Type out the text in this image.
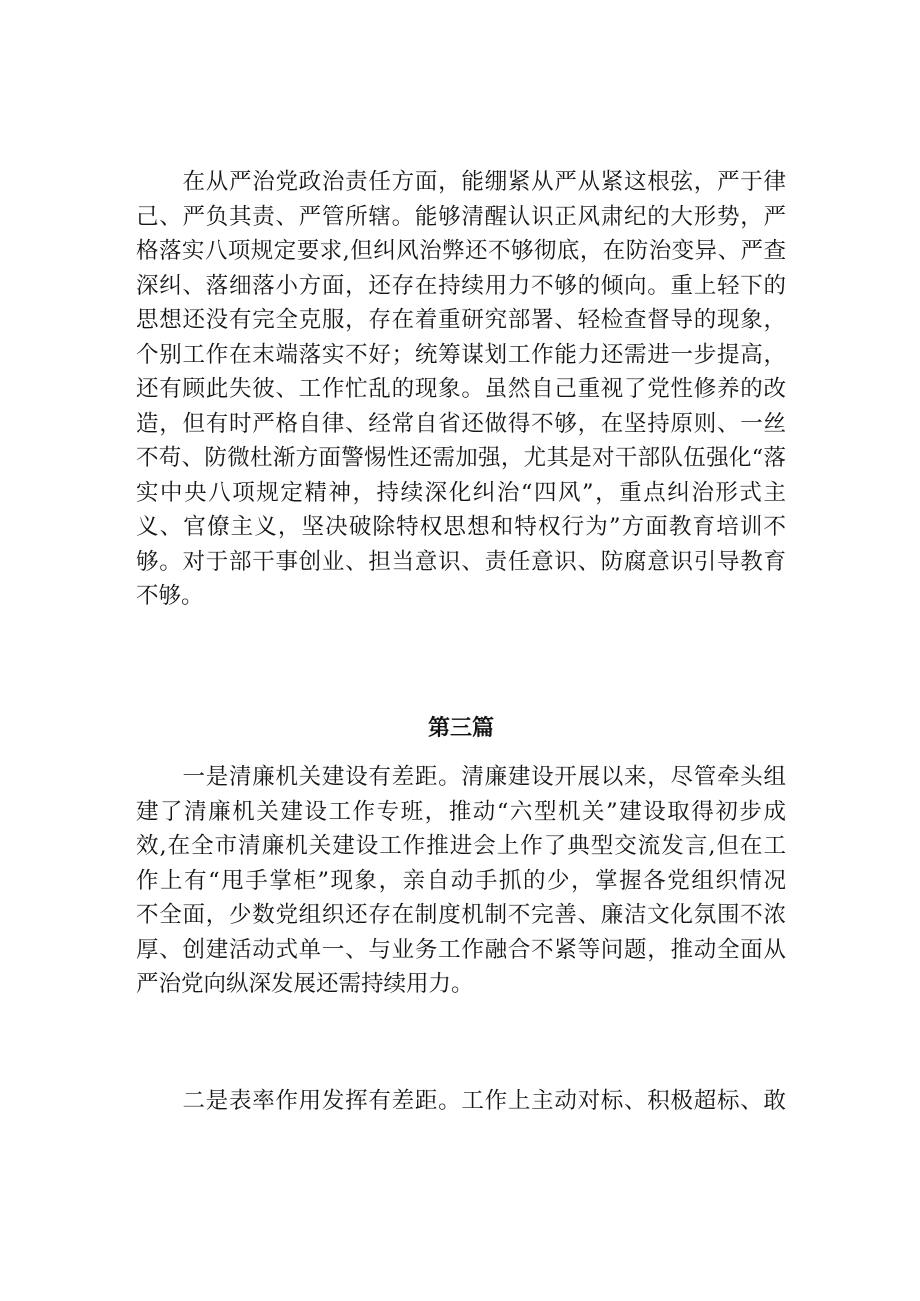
　　在从严治党政治责任方面，能绷紧从严从紧这根弦，严于律
己、严负其责、严管所辖。能够清醒认识正风肃纪的大形势，严
格落实八项规定要求,但纠风治弊还不够彻底，在防治变异、严查
深纠、落细落小方面，还存在持续用力不够的倾向。重上轻下的
思想还没有完全克服，存在着重研究部署、轻检查督导的现象，
个别工作在末端落实不好；统筹谋划工作能力还需进一步提高，
还有顾此失彼、工作忙乱的现象。虽然自己重视了党性修养的改
造，但有时严格自律、经常自省还做得不够，在坚持原则、一丝
不苟、防微杜渐方面警惕性还需加强，尤其是对干部队伍强化“落
实中央八项规定精神，持续深化纠治“四风”，重点纠治形式主
义、官僚主义，坚决破除特权思想和特权行为”方面教育培训不
够。对于部干事创业、担当意识、责任意识、防腐意识引导教育
不够。
第三篇
　　一是清廉机关建设有差距。清廉建设开展以来，尽管牵头组
建了清廉机关建设工作专班，推动“六型机关”建设取得初步成
效,在全市清廉机关建设工作推进会上作了典型交流发言,但在工
作上有“甩手掌柜”现象，亲自动手抓的少，掌握各党组织情况
不全面，少数党组织还存在制度机制不完善、廉洁文化氛围不浓
厚、创建活动式单一、与业务工作融合不紧等问题，推动全面从
严治党向纵深发展还需持续用力。
　　二是表率作用发挥有差距。工作上主动对标、积极超标、敢
